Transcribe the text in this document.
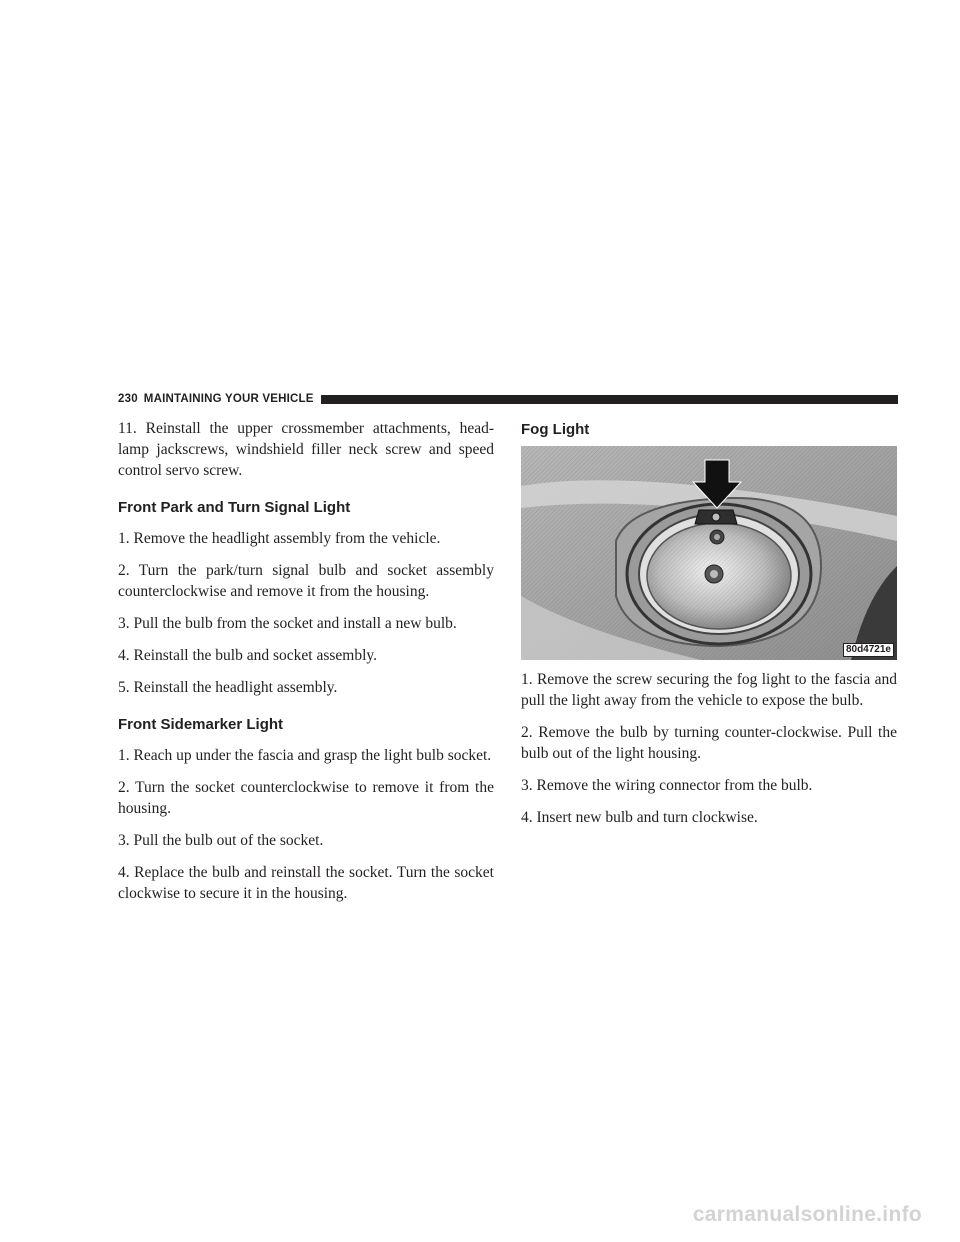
230 MAINTAINING YOUR VEHICLE

11. Reinstall the upper crossmember attachments, head-lamp jackscrews, windshield filler neck screw and speed control servo screw.

Front Park and Turn Signal Light

1. Remove the headlight assembly from the vehicle.

2. Turn the park/turn signal bulb and socket assembly counterclockwise and remove it from the housing.

3. Pull the bulb from the socket and install a new bulb.

4. Reinstall the bulb and socket assembly.

5. Reinstall the headlight assembly.

Front Sidemarker Light

1. Reach up under the fascia and grasp the light bulb socket.

2. Turn the socket counterclockwise to remove it from the housing.

3. Pull the bulb out of the socket.

4. Replace the bulb and reinstall the socket. Turn the socket clockwise to secure it in the housing.

Fog Light
80d4721e

1. Remove the screw securing the fog light to the fascia and pull the light away from the vehicle to expose the bulb.

2. Remove the bulb by turning counter-clockwise. Pull the bulb out of the light housing.

3. Remove the wiring connector from the bulb.

4. Insert new bulb and turn clockwise.

carmanualsonline.info
